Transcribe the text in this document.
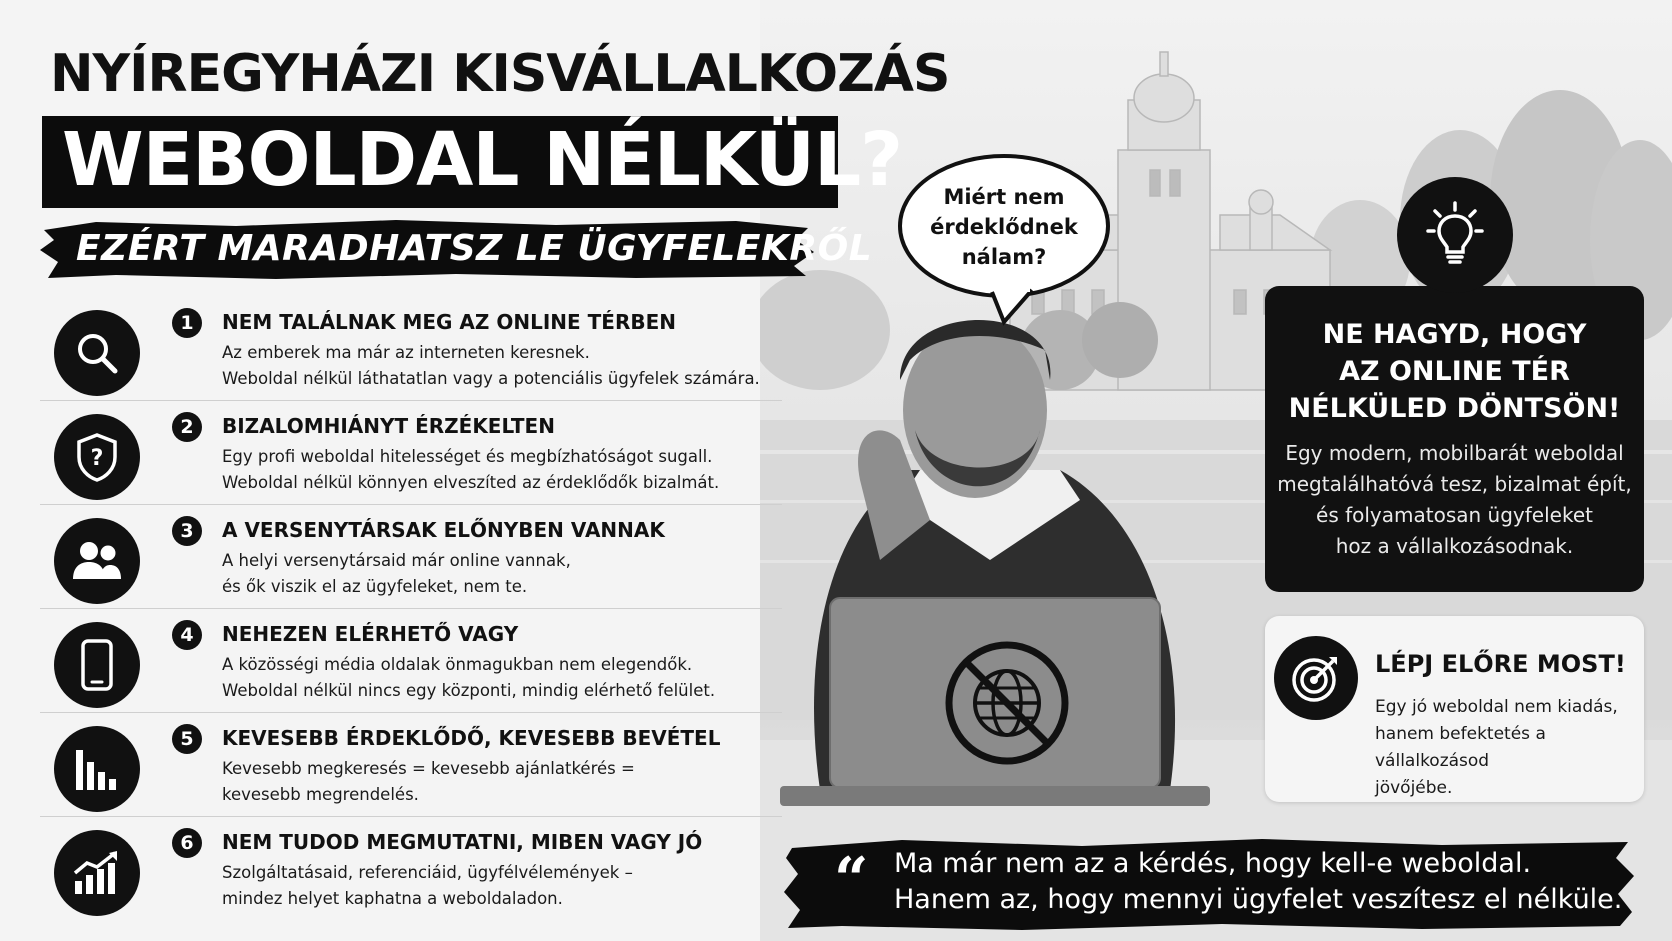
NYÍREGYHÁZI KISVÁLLALKOZÁS
WEBOLDAL NÉLKÜL?
EZÉRT MARADHATSZ LE ÜGYFELEKRŐL
1	NEM TALÁLNAK MEG AZ ONLINE TÉRBEN
Az emberek ma már az interneten keresnek.
Weboldal nélkül láthatatlan vagy a potenciális ügyfelek számára.
?
2	BIZALOMHIÁNYT ÉRZÉKELTEN
Egy profi weboldal hitelességet és megbízhatóságot sugall.
Weboldal nélkül könnyen elveszíted az érdeklődők bizalmát.
3	A VERSENYTÁRSAK ELŐNYBEN VANNAK
A helyi versenytársaid már online vannak,
és ők viszik el az ügyfeleket, nem te.
4	NEHEZEN ELÉRHETŐ VAGY
A közösségi média oldalak önmagukban nem elegendők.
Weboldal nélkül nincs egy központi, mindig elérhető felület.
5	KEVESEBB ÉRDEKLŐDŐ, KEVESEBB BEVÉTEL
Kevesebb megkeresés = kevesebb ajánlatkérés =
kevesebb megrendelés.
6	NEM TUDOD MEGMUTATNI, MIBEN VAGY JÓ
Szolgáltatásaid, referenciáid, ügyfélvélemények –
mindez helyet kaphatna a weboldaladon.
Miért nem
érdeklődnek
nálam?
NE HAGYD, HOGY
AZ ONLINE TÉR
NÉLKÜLED DÖNTSÖN!
Egy modern, mobilbarát weboldal
megtalálhatóvá tesz, bizalmat épít,
és folyamatosan ügyfeleket
hoz a vállalkozásodnak.
LÉPJ ELŐRE MOST!
Egy jó weboldal nem kiadás,
hanem befektetés a vállalkozásod
jövőjébe.
“ Ma már nem az a kérdés, hogy kell-e weboldal.
Hanem az, hogy mennyi ügyfelet veszítesz el nélküle.
